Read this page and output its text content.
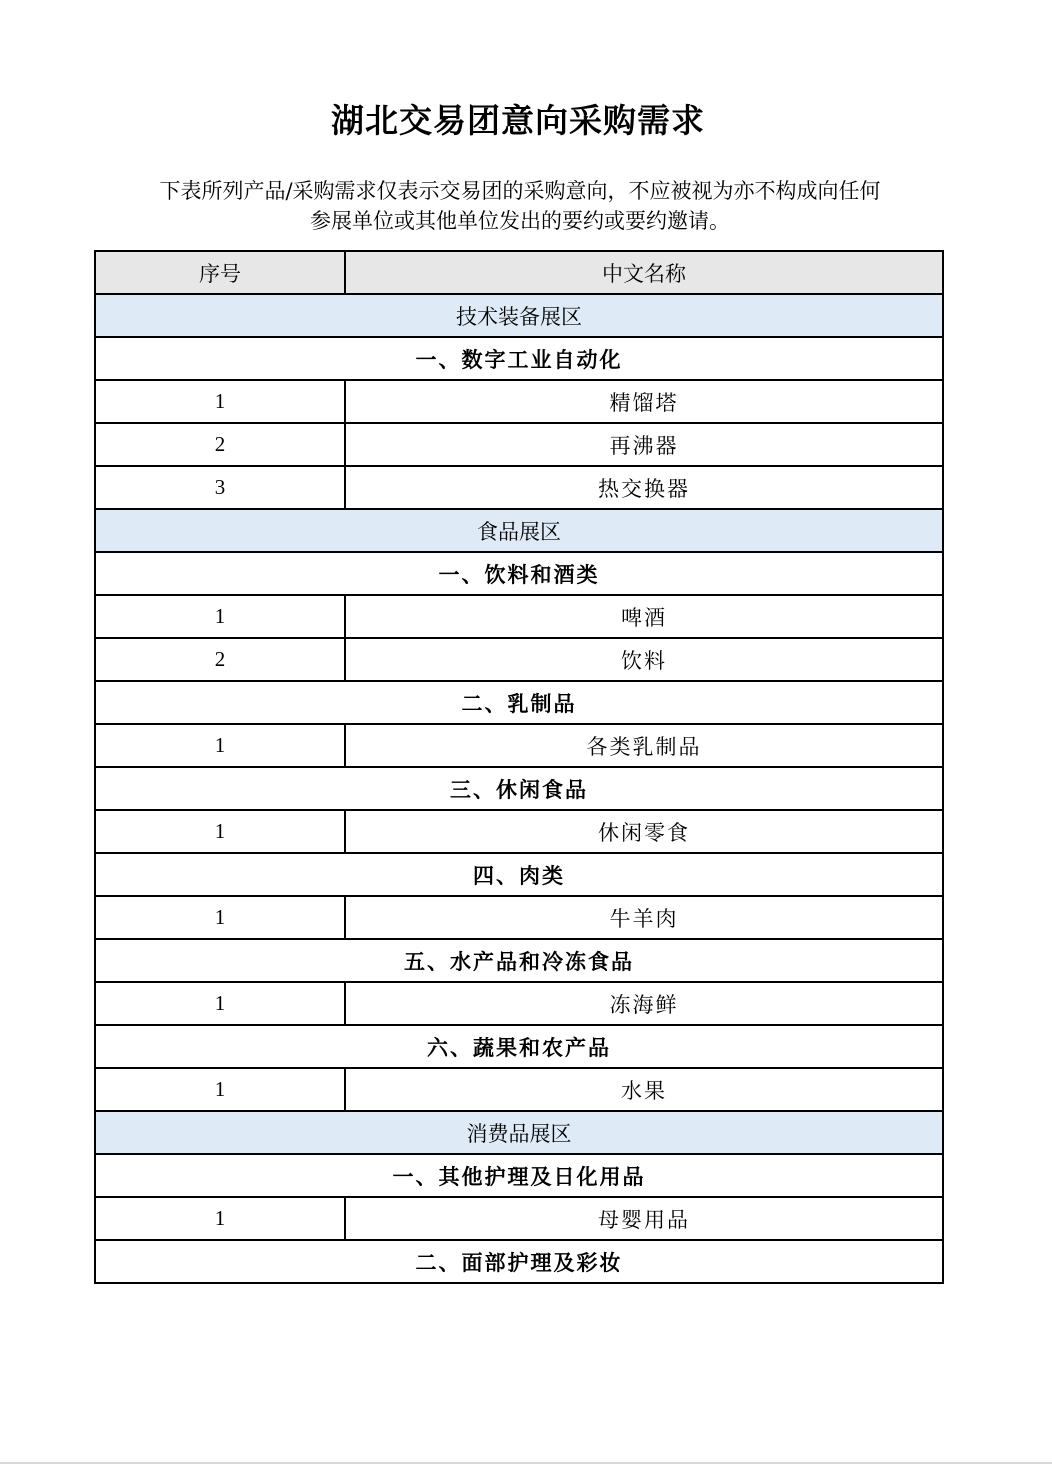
湖北交易团意向采购需求
下表所列产品/采购需求仅表示交易团的采购意向，不应被视为亦不构成向任何
参展单位或其他单位发出的要约或要约邀请。
序号	中文名称
技术装备展区	
一、数字工业自动化	
1	精馏塔
2	再沸器
3	热交换器
食品展区	
一、饮料和酒类	
1	啤酒
2	饮料
二、乳制品	
1	各类乳制品
三、休闲食品	
1	休闲零食
四、肉类	
1	牛羊肉
五、水产品和冷冻食品	
1	冻海鲜
六、蔬果和农产品	
1	水果
消费品展区	
一、其他护理及日化用品	
1	母婴用品
二、面部护理及彩妆	
